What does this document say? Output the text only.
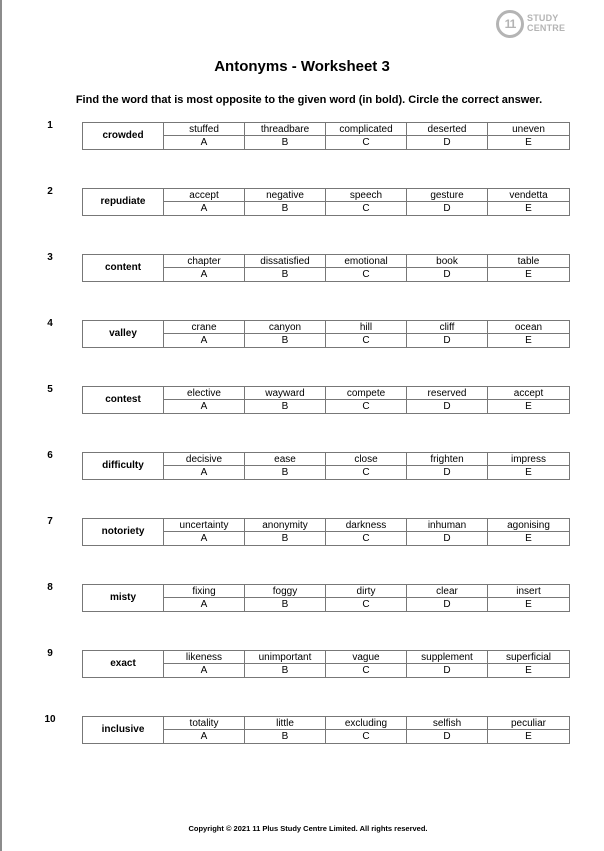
11	STUDY
CENTRE
Antonyms - Worksheet 3
Find the word that is most opposite to the given word (in bold). Circle the correct answer.
1
crowded
stuffed
A
threadbare
B
complicated
C
deserted
D
uneven
E
2
repudiate
accept
A
negative
B
speech
C
gesture
D
vendetta
E
3
content
chapter
A
dissatisfied
B
emotional
C
book
D
table
E
4
valley
crane
A
canyon
B
hill
C
cliff
D
ocean
E
5
contest
elective
A
wayward
B
compete
C
reserved
D
accept
E
6
difficulty
decisive
A
ease
B
close
C
frighten
D
impress
E
7
notoriety
uncertainty
A
anonymity
B
darkness
C
inhuman
D
agonising
E
8
misty
fixing
A
foggy
B
dirty
C
clear
D
insert
E
9
exact
likeness
A
unimportant
B
vague
C
supplement
D
superficial
E
10
inclusive
totality
A
little
B
excluding
C
selfish
D
peculiar
E
Copyright © 2021 11 Plus Study Centre Limited. All rights reserved.
